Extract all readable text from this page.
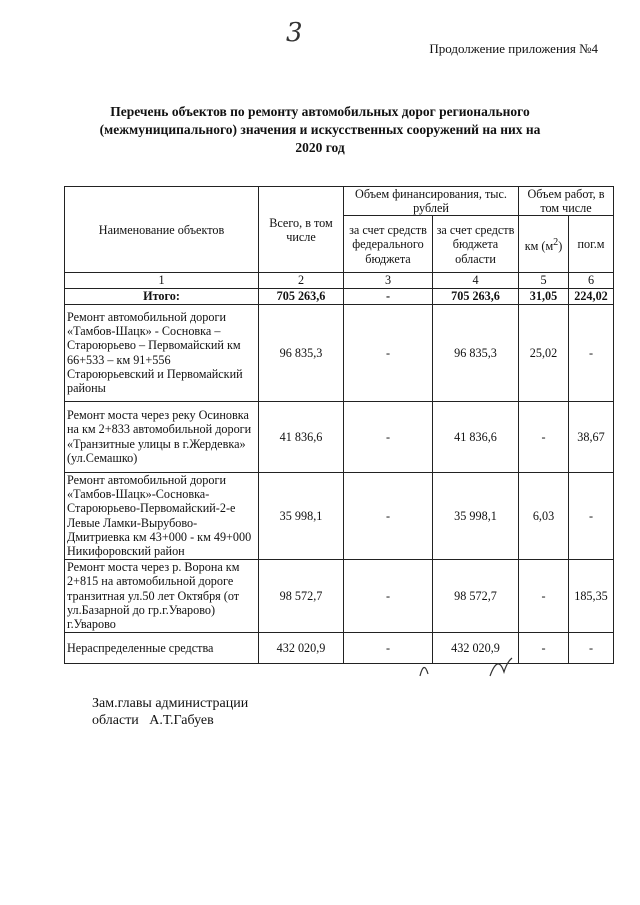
3
Продолжение приложения №4
Перечень объектов по ремонту автомобильных дорог регионального
(межмуниципального) значения и искусственных сооружений на них на
2020 год
Наименование объектов	Всего, в том числе	Объем финансирования, тыс. рублей		Объем работ, в том числе	
		за счет средств федерального бюджета	за счет средств бюджета области	км $(м^2)$	пог.м
1	2	3	4	5	6
Итого:	705 263,6	-	705 263,6	31,05	224,02
Ремонт автомобильной дороги «Тамбов-Шацк» - Сосновка – Староюрьево – Первомайский км 66+533 – км 91+556 Староюрьевский и Первомайский районы	96 835,3	-	96 835,3	25,02	-
Ремонт моста через реку Осиновка на км 2+833 автомобильной дороги «Транзитные улицы в г.Жердевка» (ул.Семашко)	41 836,6	-	41 836,6	-	38,67
Ремонт автомобильной дороги «Тамбов-Шацк»-Сосновка-Староюрьево-Первомайский-2-е Левые Ламки-Вырубово-Дмитриевка км 43+000 - км 49+000 Никифоровский район	35 998,1	-	35 998,1	6,03	-
Ремонт моста через р. Ворона км 2+815 на автомобильной дороге транзитная ул.50 лет Октября (от ул.Базарной до гр.г.Уварово) г.Уварово	98 572,7	-	98 572,7	-	185,35
Нераспределенные средства	432 020,9	-	432 020,9	-	-
Зам.главы администрации
области   А.Т.Габуев
